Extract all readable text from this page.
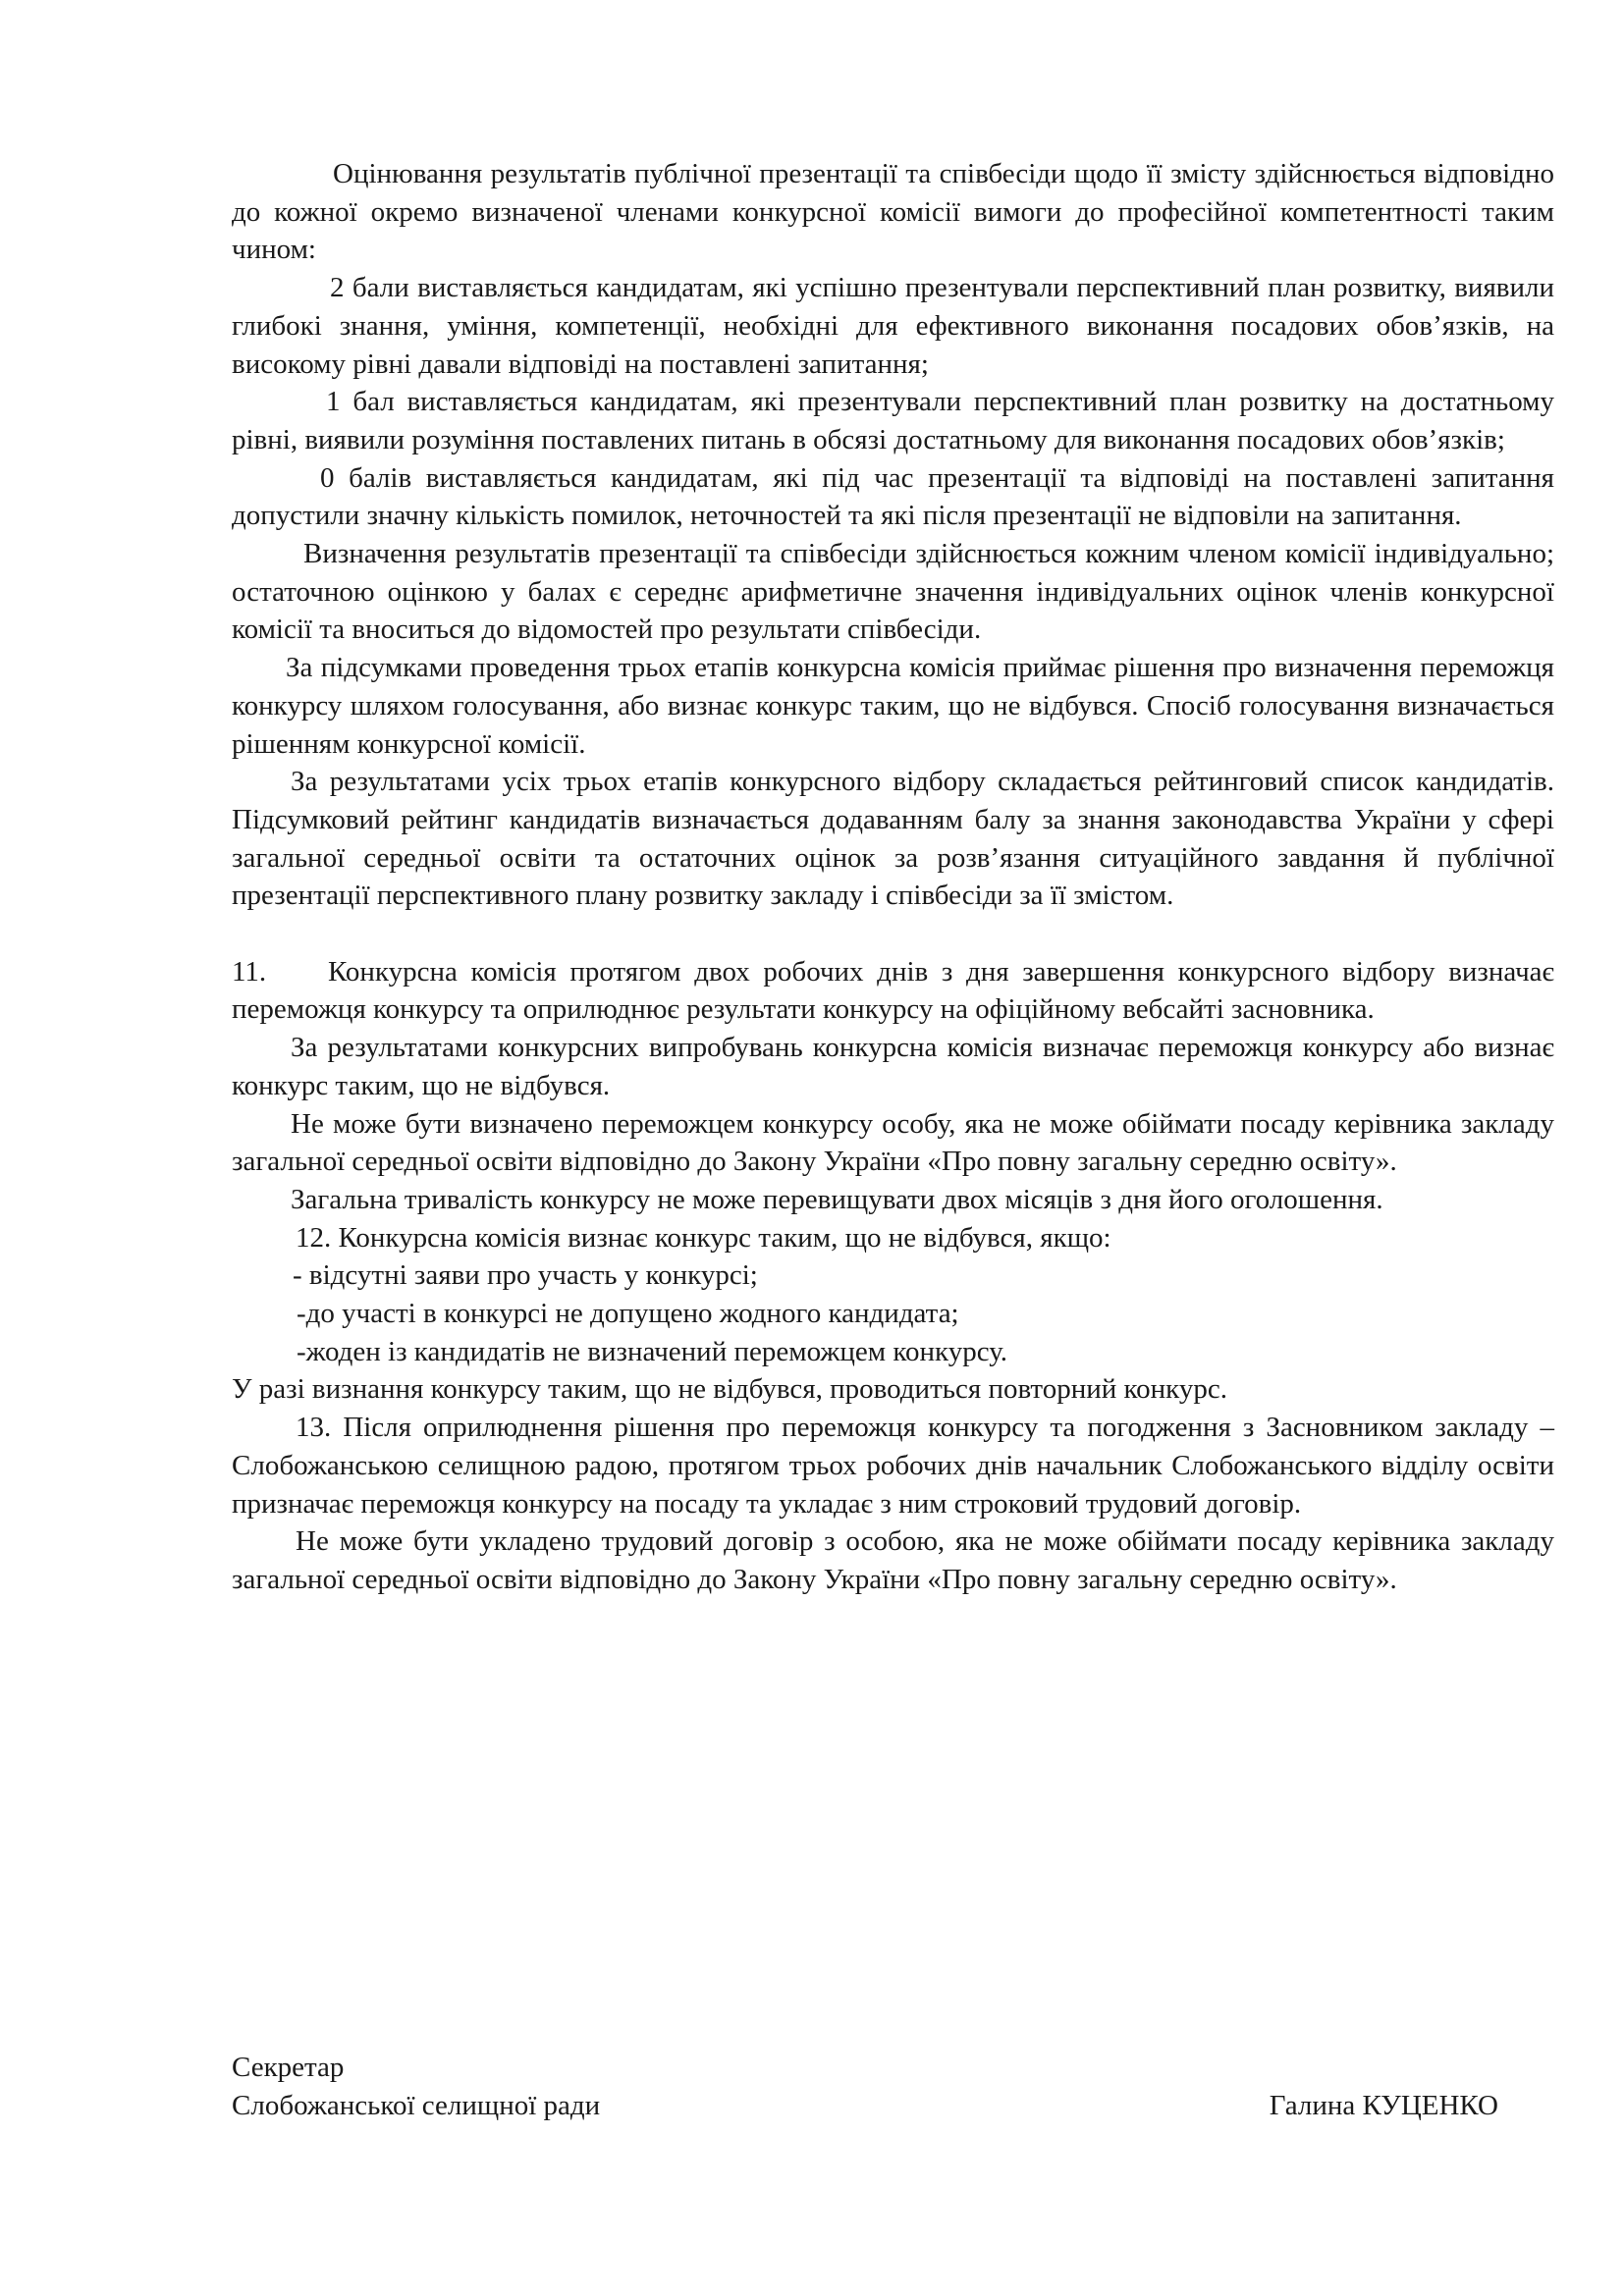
Оцінювання результатів публічної презентації та співбесіди щодо її змісту здійснюється відповідно до кожної окремо визначеної членами конкурсної комісії вимоги до професійної компетентності таким чином:

2 бали виставляється кандидатам, які успішно презентували перспективний план розвитку, виявили глибокі знання, уміння, компетенції, необхідні для ефективного виконання посадових обов’язків, на високому рівні давали відповіді на поставлені запитання;

1 бал виставляється кандидатам, які презентували перспективний план розвитку на достатньому рівні, виявили розуміння поставлених питань в обсязі достатньому для виконання посадових обов’язків;

0 балів виставляється кандидатам, які під час презентації та відповіді на поставлені запитання допустили значну кількість помилок, неточностей та які після презентації не відповіли на запитання.

Визначення результатів презентації та співбесіди здійснюється кожним членом комісії індивідуально; остаточною оцінкою у балах є середнє арифметичне значення індивідуальних оцінок членів конкурсної комісії та вноситься до відомостей про результати співбесіди.

За підсумками проведення трьох етапів конкурсна комісія приймає рішення про визначення переможця конкурсу шляхом голосування, або визнає конкурс таким, що не відбувся. Спосіб голосування визначається рішенням конкурсної комісії.

За результатами усіх трьох етапів конкурсного відбору складається рейтинговий список кандидатів. Підсумковий рейтинг кандидатів визначається додаванням балу за знання законодавства України у сфері загальної середньої освіти та остаточних оцінок за розв’язання ситуаційного завдання й публічної презентації перспективного плану розвитку закладу і співбесіди за її змістом.

11. Конкурсна комісія протягом двох робочих днів з дня завершення конкурсного відбору визначає переможця конкурсу та оприлюднює результати конкурсу на офіційному вебсайті засновника.

За результатами конкурсних випробувань конкурсна комісія визначає переможця конкурсу або визнає конкурс таким, що не відбувся.

Не може бути визначено переможцем конкурсу особу, яка не може обіймати посаду керівника закладу загальної середньої освіти відповідно до Закону України «Про повну загальну середню освіту».

Загальна тривалість конкурсу не може перевищувати двох місяців з дня його оголошення.

12. Конкурсна комісія визнає конкурс таким, що не відбувся, якщо:

- відсутні заяви про участь у конкурсі;

-до участі в конкурсі не допущено жодного кандидата;

-жоден із кандидатів не визначений переможцем конкурсу.

У разі визнання конкурсу таким, що не відбувся, проводиться повторний конкурс.

13. Після оприлюднення рішення про переможця конкурсу та погодження з Засновником закладу – Слобожанською селищною радою, протягом трьох робочих днів начальник Слобожанського відділу освіти призначає переможця конкурсу на посаду та укладає з ним строковий трудовий договір.

Не може бути укладено трудовий договір з особою, яка не може обіймати посаду керівника закладу загальної середньої освіти відповідно до Закону України «Про повну загальну середню освіту».

Секретар
Слобожанської селищної ради	Галина КУЦЕНКО
